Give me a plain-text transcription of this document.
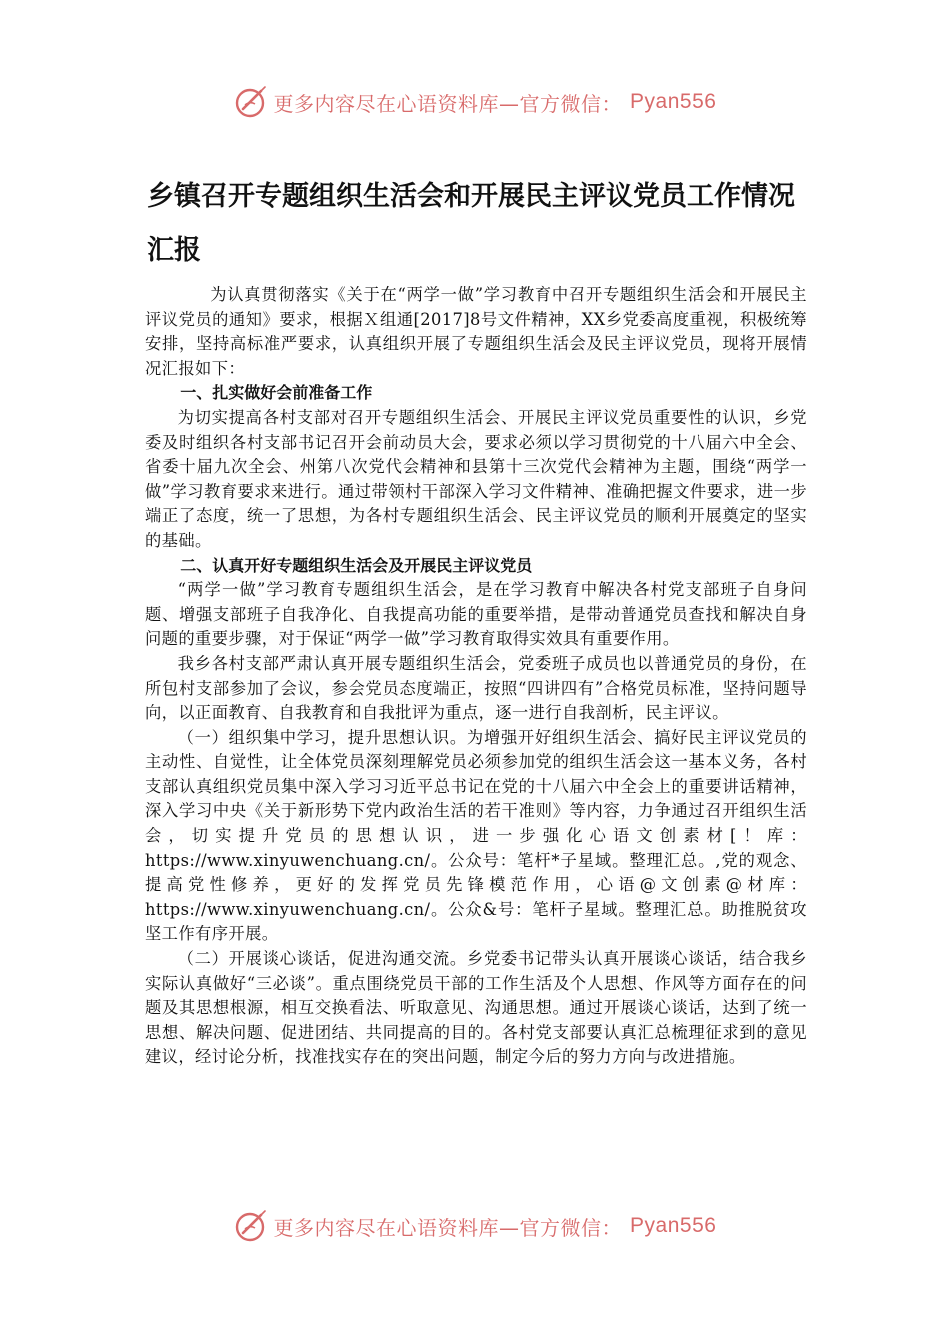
更多内容尽在心语资料库—官方微信： Pyan556
乡镇召开专题组织生活会和开展民主评议党员工作情况汇报

为认真贯彻落实《关于在“两学一做”学习教育中召开专题组织生活会和开展民主评议党员的通知》要求，根据Ｘ组通[2017]8号文件精神，XX乡党委高度重视，积极统筹安排，坚持高标准严要求，认真组织开展了专题组织生活会及民主评议党员，现将开展情况汇报如下：

一、扎实做好会前准备工作

为切实提高各村支部对召开专题组织生活会、开展民主评议党员重要性的认识，乡党委及时组织各村支部书记召开会前动员大会，要求必须以学习贯彻党的十八届六中全会、省委十届九次全会、州第八次党代会精神和县第十三次党代会精神为主题，围绕“两学一做”学习教育要求来进行。通过带领村干部深入学习文件精神、准确把握文件要求，进一步端正了态度，统一了思想，为各村专题组织生活会、民主评议党员的顺利开展奠定的坚实的基础。

二、认真开好专题组织生活会及开展民主评议党员

“两学一做”学习教育专题组织生活会，是在学习教育中解决各村党支部班子自身问题、增强支部班子自我净化、自我提高功能的重要举措，是带动普通党员查找和解决自身问题的重要步骤，对于保证“两学一做”学习教育取得实效具有重要作用。

我乡各村支部严肃认真开展专题组织生活会，党委班子成员也以普通党员的身份，在所包村支部参加了会议，参会党员态度端正，按照“四讲四有”合格党员标准，坚持问题导向，以正面教育、自我教育和自我批评为重点，逐一进行自我剖析，民主评议。

（一）组织集中学习，提升思想认识。为增强开好组织生活会、搞好民主评议党员的主动性、自觉性，让全体党员深刻理解党员必须参加党的组织生活会这一基本义务，各村支部认真组织党员集中深入学习习近平总书记在党的十八届六中全会上的重要讲话精神，深入学习中央《关于新形势下党内政治生活的若干准则》等内容，力争通过召开组织生活会，切实提升党员的思想认识，进一步强化心语文创素材[！库：https://www.xinyuwenchuang.cn/。公众号：笔杆*子星域。整理汇总。,党的观念、提高党性修养，更好的发挥党员先锋模范作用，心语@文创素@材库：https://www.xinyuwenchuang.cn/。公众&号：笔杆子星域。整理汇总。助推脱贫攻坚工作有序开展。

（二）开展谈心谈话，促进沟通交流。乡党委书记带头认真开展谈心谈话，结合我乡实际认真做好“三必谈”。重点围绕党员干部的工作生活及个人思想、作风等方面存在的问题及其思想根源，相互交换看法、听取意见、沟通思想。通过开展谈心谈话，达到了统一思想、解决问题、促进团结、共同提高的目的。各村党支部要认真汇总梳理征求到的意见建议，经讨论分析，找准找实存在的突出问题，制定今后的努力方向与改进措施。

更多内容尽在心语资料库—官方微信： Pyan556
